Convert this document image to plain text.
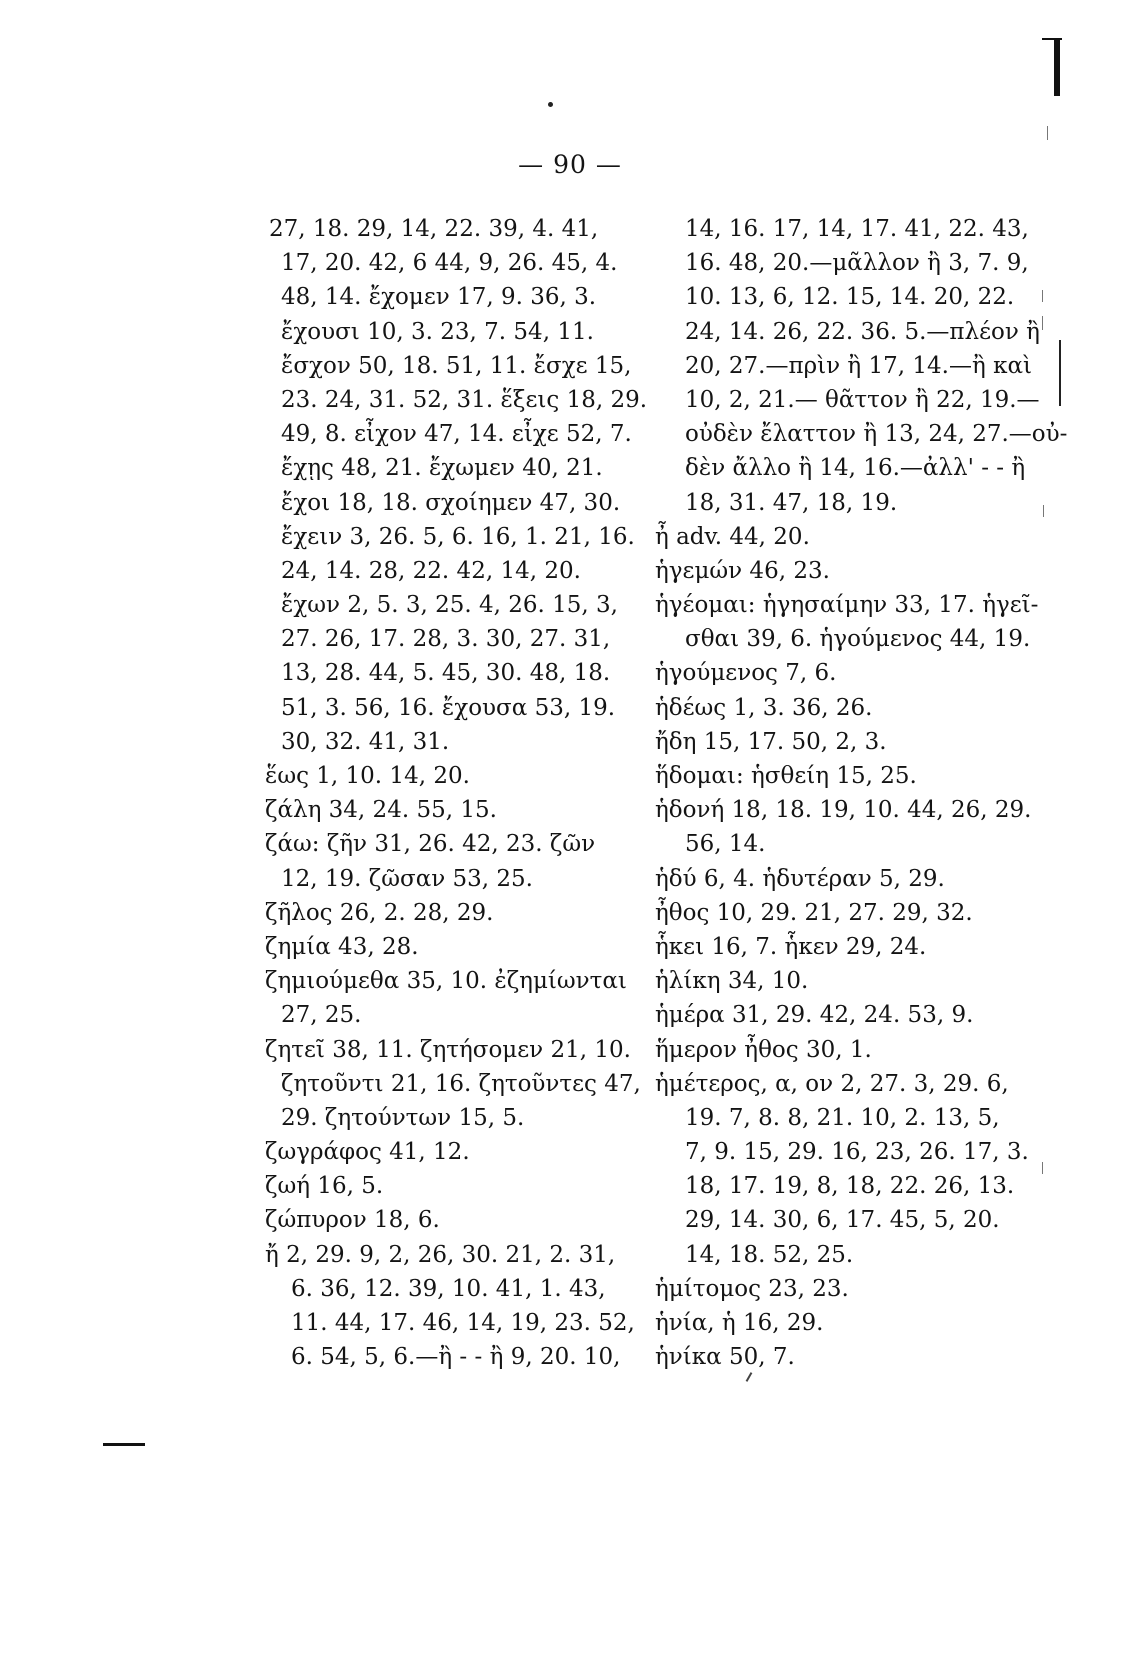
— 90 —
27, 18. 29, 14, 22. 39, 4. 41,
17, 20. 42, 6 44, 9, 26. 45, 4.
48, 14. ἔχομεν 17, 9. 36, 3.
ἔχουσι 10, 3. 23, 7. 54, 11.
ἔσχον 50, 18. 51, 11. ἔσχε 15,
23. 24, 31. 52, 31. ἕξεις 18, 29.
49, 8. εἶχον 47, 14. εἶχε 52, 7.
ἔχῃς 48, 21. ἔχωμεν 40, 21.
ἔχοι 18, 18. σχοίημεν 47, 30.
ἔχειν 3, 26. 5, 6. 16, 1. 21, 16.
24, 14. 28, 22. 42, 14, 20.
ἔχων 2, 5. 3, 25. 4, 26. 15, 3,
27. 26, 17. 28, 3. 30, 27. 31,
13, 28. 44, 5. 45, 30. 48, 18.
51, 3. 56, 16. ἔχουσα 53, 19.
30, 32. 41, 31.
ἕως 1, 10. 14, 20.
ζάλη 34, 24. 55, 15.
ζάω: ζῆν 31, 26. 42, 23. ζῶν
12, 19. ζῶσαν 53, 25.
ζῆλος 26, 2. 28, 29.
ζημία 43, 28.
ζημιούμεθα 35, 10. ἐζημίωνται
27, 25.
ζητεῖ 38, 11. ζητήσομεν 21, 10.
ζητοῦντι 21, 16. ζητοῦντες 47,
29. ζητούντων 15, 5.
ζωγράφος 41, 12.
ζωή 16, 5.
ζώπυρον 18, 6.
ἤ 2, 29. 9, 2, 26, 30. 21, 2. 31,
6. 36, 12. 39, 10. 41, 1. 43,
11. 44, 17. 46, 14, 19, 23. 52,
6. 54, 5, 6.—ἢ - - ἢ 9, 20. 10,
14, 16. 17, 14, 17. 41, 22. 43,
16. 48, 20.—μᾶλλον ἢ 3, 7. 9,
10. 13, 6, 12. 15, 14. 20, 22.
24, 14. 26, 22. 36. 5.—πλέον ἢ
20, 27.—πρὶν ἢ 17, 14.—ἢ καὶ
10, 2, 21.— θᾶττον ἢ 22, 19.—
οὐδὲν ἔλαττον ἢ 13, 24, 27.—οὐ-
δὲν ἄλλο ἢ 14, 16.—ἀλλ' - - ἢ
18, 31. 47, 18, 19.
ἦ adv. 44, 20.
ἡγεμών 46, 23.
ἡγέομαι: ἡγησαίμην 33, 17. ἡγεῖ-
σθαι 39, 6. ἡγούμενος 44, 19.
ἡγούμενος 7, 6.
ἡδέως 1, 3. 36, 26.
ἤδη 15, 17. 50, 2, 3.
ἥδομαι: ἡσθείη 15, 25.
ἡδονή 18, 18. 19, 10. 44, 26, 29.
56, 14.
ἡδύ 6, 4. ἡδυτέραν 5, 29.
ἦθος 10, 29. 21, 27. 29, 32.
ἧκει 16, 7. ἧκεν 29, 24.
ἡλίκη 34, 10.
ἡμέρα 31, 29. 42, 24. 53, 9.
ἥμερον ἦθος 30, 1.
ἡμέτερος, α, ον 2, 27. 3, 29. 6,
19. 7, 8. 8, 21. 10, 2. 13, 5,
7, 9. 15, 29. 16, 23, 26. 17, 3.
18, 17. 19, 8, 18, 22. 26, 13.
29, 14. 30, 6, 17. 45, 5, 20.
14, 18. 52, 25.
ἡμίτομος 23, 23.
ἡνία, ἡ 16, 29.
ἡνίκα 50, 7.
